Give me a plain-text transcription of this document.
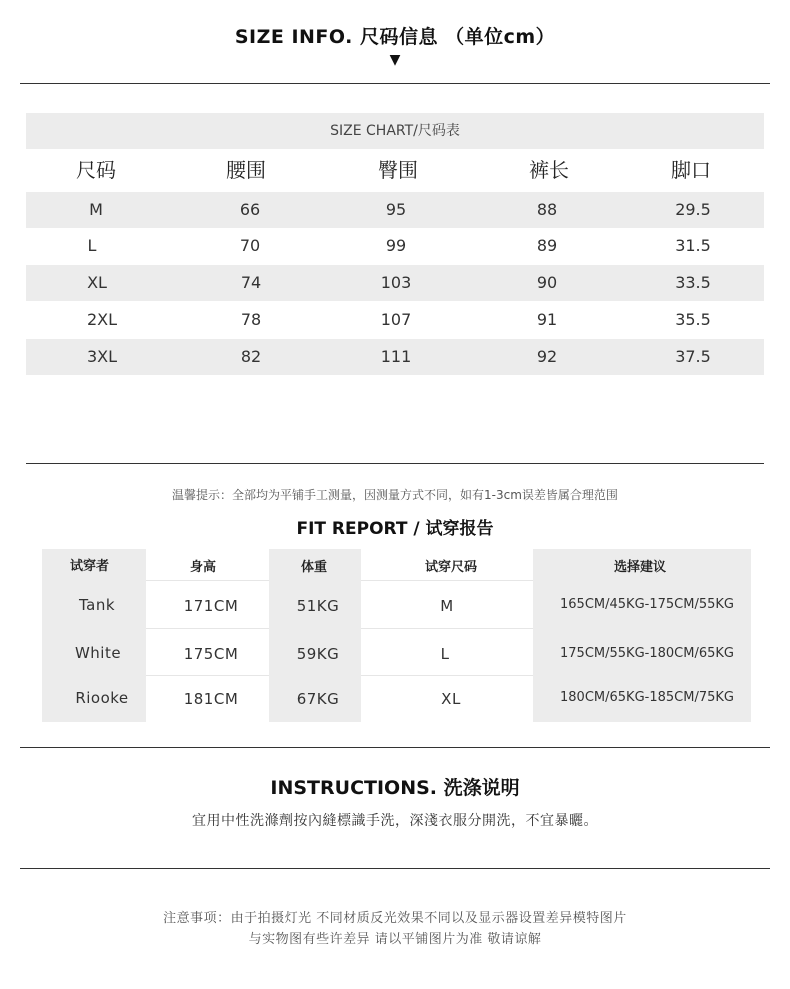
SIZE INFO. 尺码信息 （单位cm）
▼
SIZE CHART/尺码表
尺码	腰围	臀围	裤长	脚口
M	66	95	88	29.5
L	70	99	89	31.5
XL	74	103	90	33.5
2XL	78	107	91	35.5
3XL	82	111	92	37.5
温馨提示：全部均为平铺手工测量，因测量方式不同，如有1-3cm误差皆属合理范围
FIT REPORT / 试穿报告
试穿者	身高	体重	试穿尺码	选择建议
Tank	171CM	51KG	M	165CM/45KG-175CM/55KG
White	175CM	59KG	L	175CM/55KG-180CM/65KG
Riooke	181CM	67KG	XL	180CM/65KG-185CM/75KG
INSTRUCTIONS. 洗涤说明
宜用中性洗滌劑按內縫標識手洗，深淺衣服分開洗，不宜暴曬。
注意事项：由于拍摄灯光 不同材质反光效果不同以及显示器设置差异模特图片
与实物图有些许差异 请以平铺图片为准 敬请谅解
